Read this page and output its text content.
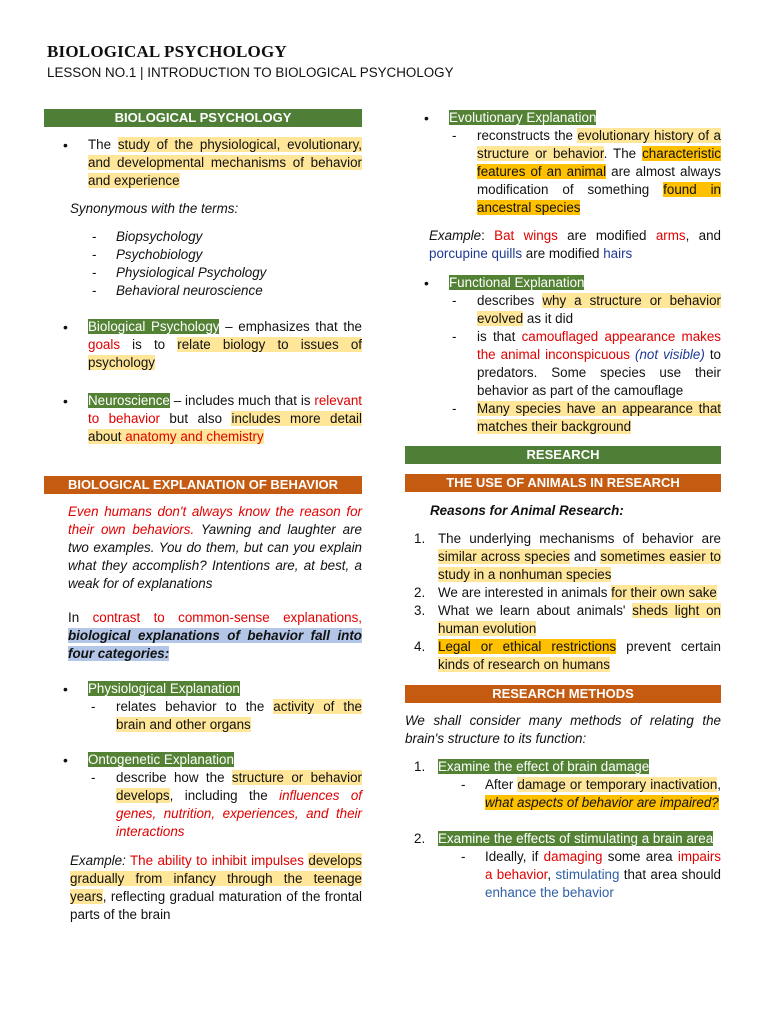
BIOLOGICAL PSYCHOLOGY
LESSON NO.1 | INTRODUCTION TO BIOLOGICAL PSYCHOLOGY
BIOLOGICAL PSYCHOLOGY
• The study of the physiological, evolutionary, and developmental mechanisms of behavior and experience
Synonymous with the terms:
- Biopsychology
- Psychobiology
- Physiological Psychology
- Behavioral neuroscience
• Biological Psychology – emphasizes that the goals is to relate biology to issues of psychology
• Neuroscience – includes much that is relevant to behavior but also includes more detail about anatomy and chemistry
BIOLOGICAL EXPLANATION OF BEHAVIOR
Even humans don't always know the reason for their own behaviors. Yawning and laughter are two examples. You do them, but can you explain what they accomplish? Intentions are, at best, a weak for of explanations
In contrast to common-sense explanations, biological explanations of behavior fall into four categories:
• Physiological Explanation
- relates behavior to the activity of the brain and other organs
• Ontogenetic Explanation
- describe how the structure or behavior develops, including the influences of genes, nutrition, experiences, and their interactions
Example: The ability to inhibit impulses develops gradually from infancy through the teenage years, reflecting gradual maturation of the frontal parts of the brain
• Evolutionary Explanation
- reconstructs the evolutionary history of a structure or behavior. The characteristic features of an animal are almost always modification of something found in ancestral species
Example: Bat wings are modified arms, and porcupine quills are modified hairs
• Functional Explanation
- describes why a structure or behavior evolved as it did
- is that camouflaged appearance makes the animal inconspicuous (not visible) to predators. Some species use their behavior as part of the camouflage
- Many species have an appearance that matches their background
RESEARCH
THE USE OF ANIMALS IN RESEARCH
Reasons for Animal Research:
1. The underlying mechanisms of behavior are similar across species and sometimes easier to study in a nonhuman species
2. We are interested in animals for their own sake
3. What we learn about animals' sheds light on human evolution
4. Legal or ethical restrictions prevent certain kinds of research on humans
RESEARCH METHODS
We shall consider many methods of relating the brain's structure to its function:
1. Examine the effect of brain damage
- After damage or temporary inactivation, what aspects of behavior are impaired?
2. Examine the effects of stimulating a brain area
- Ideally, if damaging some area impairs a behavior, stimulating that area should enhance the behavior
